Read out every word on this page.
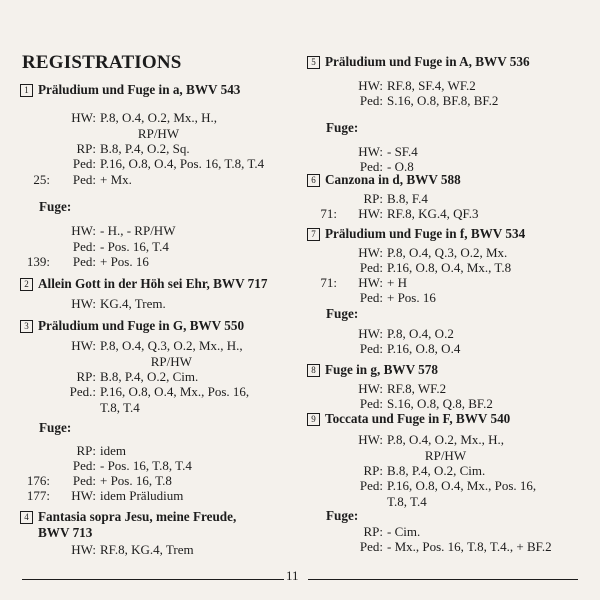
REGISTRATIONS
1 Präludium und Fuge in a, BWV 543
HW: P.8, O.4, O.2, Mx., H.,
RP/HW
RP: B.8, P.4, O.2, Sq.
Ped: P.16, O.8, O.4, Pos. 16, T.8, T.4
25:	Ped: + Mx.
Fuge:
HW: - H., - RP/HW
Ped: - Pos. 16, T.4
139:	Ped: + Pos. 16
2 Allein Gott in der Höh sei Ehr, BWV 717
HW: KG.4, Trem.
3 Präludium und Fuge in G, BWV 550
HW: P.8, O.4, Q.3, O.2, Mx., H.,
RP/HW
RP: B.8, P.4, O.2, Cim.
Ped.: P.16, O.8, O.4, Mx., Pos. 16,
T.8, T.4
Fuge:
RP: idem
Ped: - Pos. 16, T.8, T.4
176:	Ped: + Pos. 16, T.8
177:	HW: idem Präludium
4 Fantasia sopra Jesu, meine Freude,
BWV 713
HW: RF.8, KG.4, Trem
5 Präludium und Fuge in A, BWV 536
HW: RF.8, SF.4, WF.2
Ped: S.16, O.8, BF.8, BF.2
Fuge:
HW: - SF.4
Ped: - O.8
6 Canzona in d, BWV 588
RP: B.8, F.4
71:	HW: RF.8, KG.4, QF.3
7 Präludium und Fuge in f, BWV 534
HW: P.8, O.4, Q.3, O.2, Mx.
Ped: P.16, O.8, O.4, Mx., T.8
71:	HW: + H
Ped: + Pos. 16
Fuge:
HW: P.8, O.4, O.2
Ped: P.16, O.8, O.4
8 Fuge in g, BWV 578
HW: RF.8, WF.2
Ped: S.16, O.8, Q.8, BF.2
9 Toccata und Fuge in F, BWV 540
HW: P.8, O.4, O.2, Mx., H.,
RP/HW
RP: B.8, P.4, O.2, Cim.
Ped: P.16, O.8, O.4, Mx., Pos. 16,
T.8, T.4
Fuge:
RP: - Cim.
Ped: - Mx., Pos. 16, T.8, T.4., + BF.2
11
